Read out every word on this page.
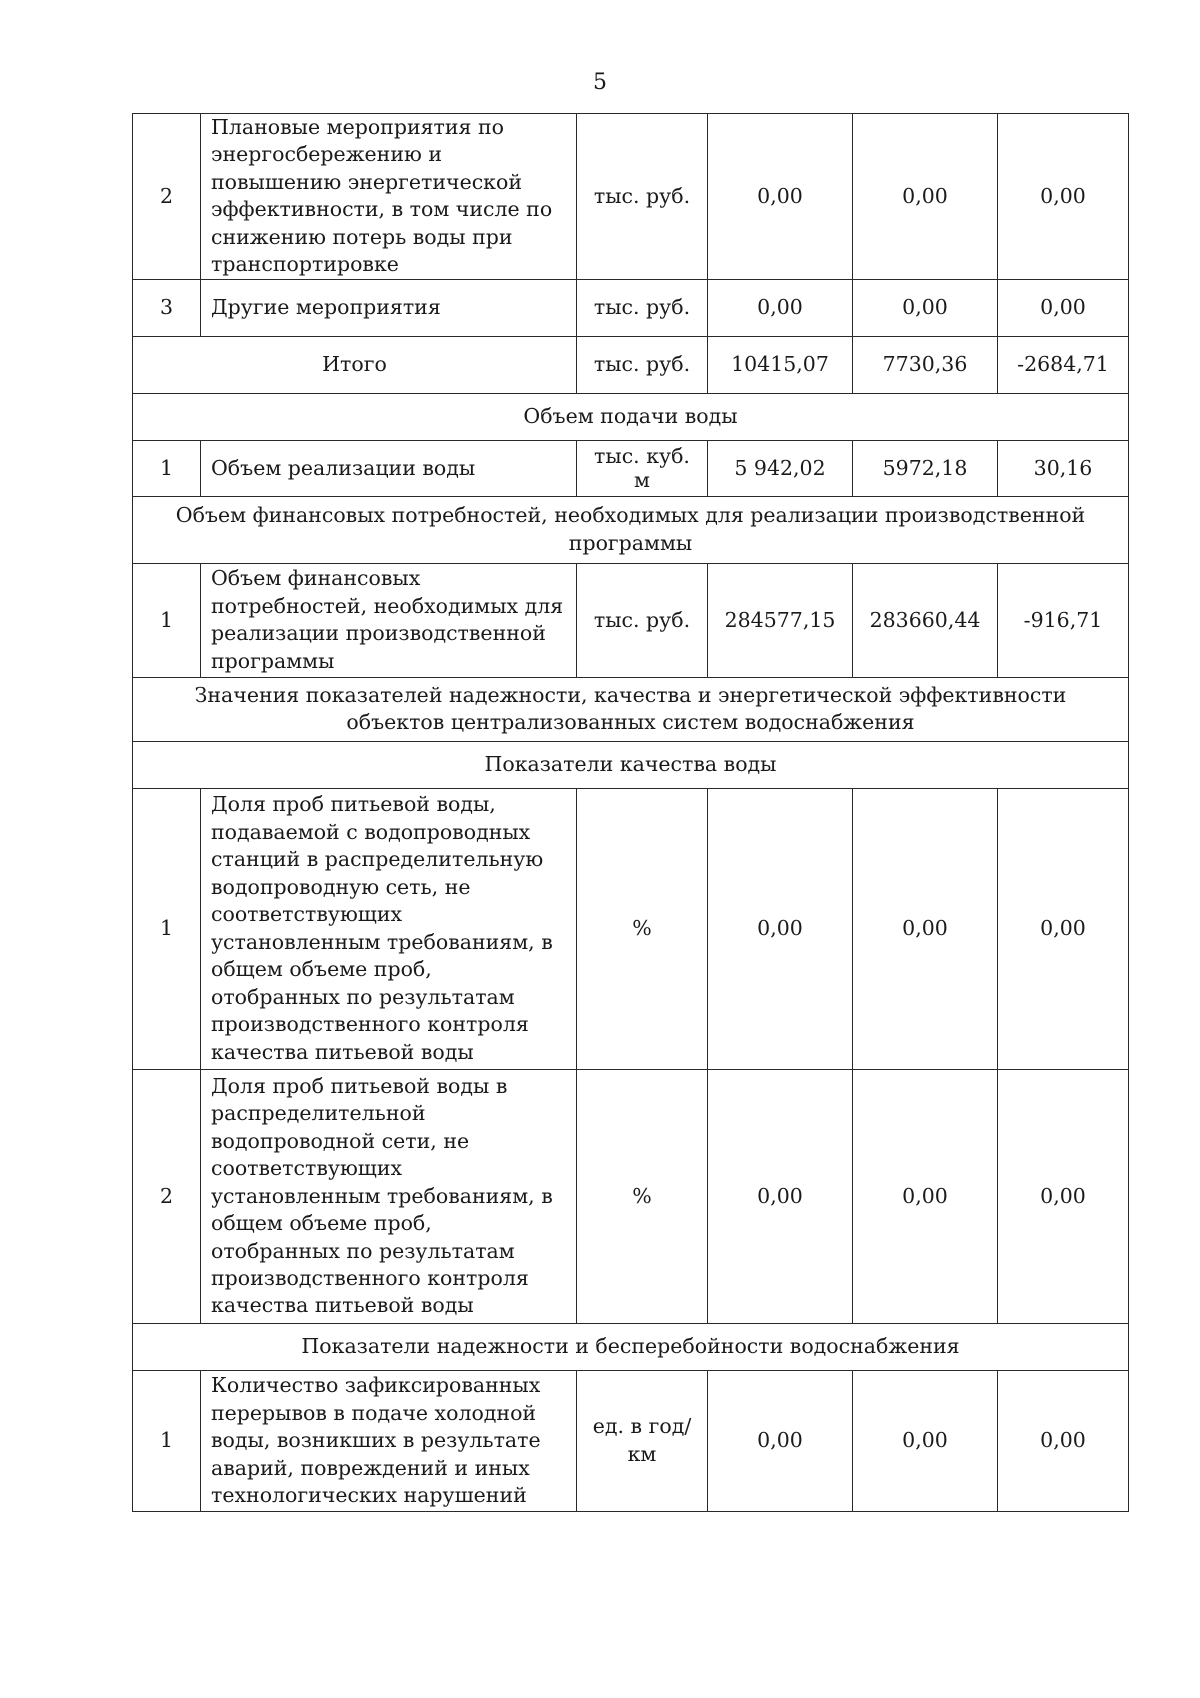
5
2	Плановые мероприятия по энергосбережению и повышению энергетической эффективности, в том числе по снижению потерь воды при транспортировке	тыс. руб.	0,00	0,00	0,00
3	Другие мероприятия	тыс. руб.	0,00	0,00	0,00
Итого		тыс. руб.	10415,07	7730,36	-2684,71
Объем подачи воды					
1	Объем реализации воды	тыс. куб. м	5 942,02	5972,18	30,16
Объем финансовых потребностей, необходимых для реализации производственной программы					
1	Объем финансовых потребностей, необходимых для реализации производственной программы	тыс. руб.	284577,15	283660,44	-916,71
Значения показателей надежности, качества и энергетической эффективности объектов централизованных систем водоснабжения					
Показатели качества воды					
1	Доля проб питьевой воды, подаваемой с водопроводных станций в распределительную водопроводную сеть, не соответствующих установленным требованиям, в общем объеме проб, отобранных по результатам производственного контроля качества питьевой воды	%	0,00	0,00	0,00
2	Доля проб питьевой воды в распределительной водопроводной сети, не соответствующих установленным требованиям, в общем объеме проб, отобранных по результатам производственного контроля качества питьевой воды	%	0,00	0,00	0,00
Показатели надежности и бесперебойности водоснабжения					
1	Количество зафиксированных перерывов в подаче холодной воды, возникших в результате аварий, повреждений и иных технологических нарушений	ед. в год/ км	0,00	0,00	0,00
